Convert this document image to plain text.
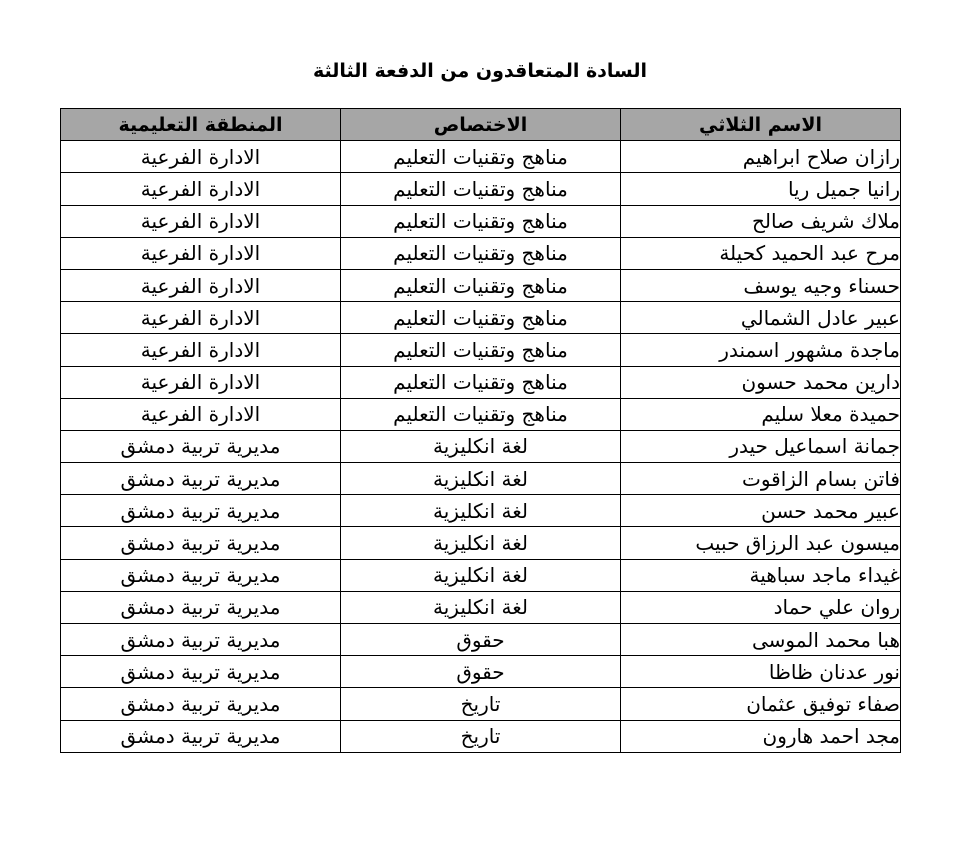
السادة المتعاقدون من الدفعة الثالثة
الاسم الثلاثي	الاختصاص	المنطقة التعليمية
رازان صلاح ابراهيم	مناهج وتقنيات التعليم	الادارة الفرعية
رانيا جميل ريا	مناهج وتقنيات التعليم	الادارة الفرعية
ملاك شريف صالح	مناهج وتقنيات التعليم	الادارة الفرعية
مرح عبد الحميد كحيلة	مناهج وتقنيات التعليم	الادارة الفرعية
حسناء وجيه يوسف	مناهج وتقنيات التعليم	الادارة الفرعية
عبير عادل الشمالي	مناهج وتقنيات التعليم	الادارة الفرعية
ماجدة مشهور اسمندر	مناهج وتقنيات التعليم	الادارة الفرعية
دارين محمد حسون	مناهج وتقنيات التعليم	الادارة الفرعية
حميدة معلا سليم	مناهج وتقنيات التعليم	الادارة الفرعية
جمانة اسماعيل حيدر	لغة انكليزية	مديرية تربية دمشق
فاتن بسام الزاقوت	لغة انكليزية	مديرية تربية دمشق
عبير محمد حسن	لغة انكليزية	مديرية تربية دمشق
ميسون عبد الرزاق حبيب	لغة انكليزية	مديرية تربية دمشق
غيداء ماجد سباهية	لغة انكليزية	مديرية تربية دمشق
روان علي حماد	لغة انكليزية	مديرية تربية دمشق
هبا محمد الموسى	حقوق	مديرية تربية دمشق
نور عدنان ظاظا	حقوق	مديرية تربية دمشق
صفاء توفيق عثمان	تاريخ	مديرية تربية دمشق
مجد احمد هارون	تاريخ	مديرية تربية دمشق
